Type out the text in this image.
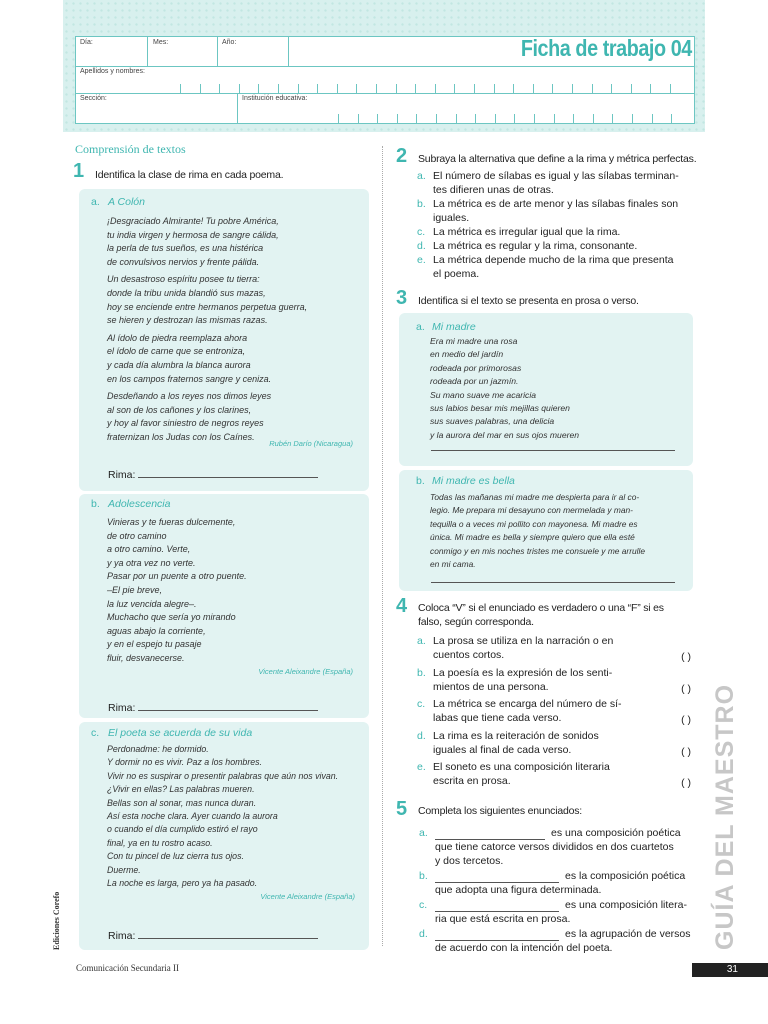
Día:	Mes:	Año:
Apellidos y nombres:
Sección:	Institución educativa:
Ficha de trabajo 04
Comprensión de textos
1 Identifica la clase de rima en cada poema.
a. A Colón
¡Desgraciado Almirante! Tu pobre América,
tu india virgen y hermosa de sangre cálida,
la perla de tus sueños, es una histérica
de convulsivos nervios y frente pálida.
Un desastroso espíritu posee tu tierra:
donde la tribu unida blandió sus mazas,
hoy se enciende entre hermanos perpetua guerra,
se hieren y destrozan las mismas razas.
Al ídolo de piedra reemplaza ahora
el ídolo de carne que se entroniza,
y cada día alumbra la blanca aurora
en los campos fraternos sangre y ceniza.
Desdeñando a los reyes nos dimos leyes
al son de los cañones y los clarines,
y hoy al favor siniestro de negros reyes
fraternizan los Judas con los Caínes.
Rubén Darío (Nicaragua)
Rima:
b. Adolescencia
Vinieras y te fueras dulcemente,
de otro camino
a otro camino. Verte,
y ya otra vez no verte.
Pasar por un puente a otro puente.
–El pie breve,
la luz vencida alegre–.
Muchacho que sería yo mirando
aguas abajo la corriente,
y en el espejo tu pasaje
fluir, desvanecerse.
Vicente Aleixandre (España)
Rima:
c. El poeta se acuerda de su vida
Perdonadme: he dormido.
Y dormir no es vivir. Paz a los hombres.
Vivir no es suspirar o presentir palabras que aún nos vivan.
¿Vivir en ellas? Las palabras mueren.
Bellas son al sonar, mas nunca duran.
Así esta noche clara. Ayer cuando la aurora
o cuando el día cumplido estiró el rayo
final, ya en tu rostro acaso.
Con tu pincel de luz cierra tus ojos.
Duerme.
La noche es larga, pero ya ha pasado.
Vicente Aleixandre (España)
Rima:
2 Subraya la alternativa que define a la rima y métrica perfectas.
a. El número de sílabas es igual y las sílabas terminan-
tes difieren unas de otras.
b. La métrica es de arte menor y las sílabas finales son
iguales.
c. La métrica es irregular igual que la rima.
d. La métrica es regular y la rima, consonante.
e. La métrica depende mucho de la rima que presenta
el poema.
3 Identifica si el texto se presenta en prosa o verso.
a. Mi madre
Era mi madre una rosa
en medio del jardín
rodeada por primorosas
rodeada por un jazmín.
Su mano suave me acaricia
sus labios besar mis mejillas quieren
sus suaves palabras, una delicia
y la aurora del mar en sus ojos mueren
b. Mi madre es bella
Todas las mañanas mi madre me despierta para ir al co-
legio. Me prepara mi desayuno con mermelada y man-
tequilla o a veces mi pollito con mayonesa. Mi madre es
única. Mi madre es bella y siempre quiero que ella esté
conmigo y en mis noches tristes me consuele y me arrulle
en mi cama.
4 Coloca “V” si el enunciado es verdadero o una “F” si es
falso, según corresponda.
a. La prosa se utiliza en la narración o en
cuentos cortos.	( )
b. La poesía es la expresión de los senti-
mientos de una persona.	( )
c. La métrica se encarga del número de sí-
labas que tiene cada verso.	( )
d. La rima es la reiteración de sonidos
iguales al final de cada verso.	( )
e. El soneto es una composición literaria
escrita en prosa.	( )
5 Completa los siguientes enunciados:
a.	es una composición poética
que tiene catorce versos divididos en dos cuartetos
y dos tercetos.
b.	es la composición poética
que adopta una figura determinada.
c.	es una composición litera-
ria que está escrita en prosa.
d.	es la agrupación de versos
de acuerdo con la intención del poeta.	GUÍA DEL MAESTRO
Ediciones Corefo
Comunicación Secundaria II	31
